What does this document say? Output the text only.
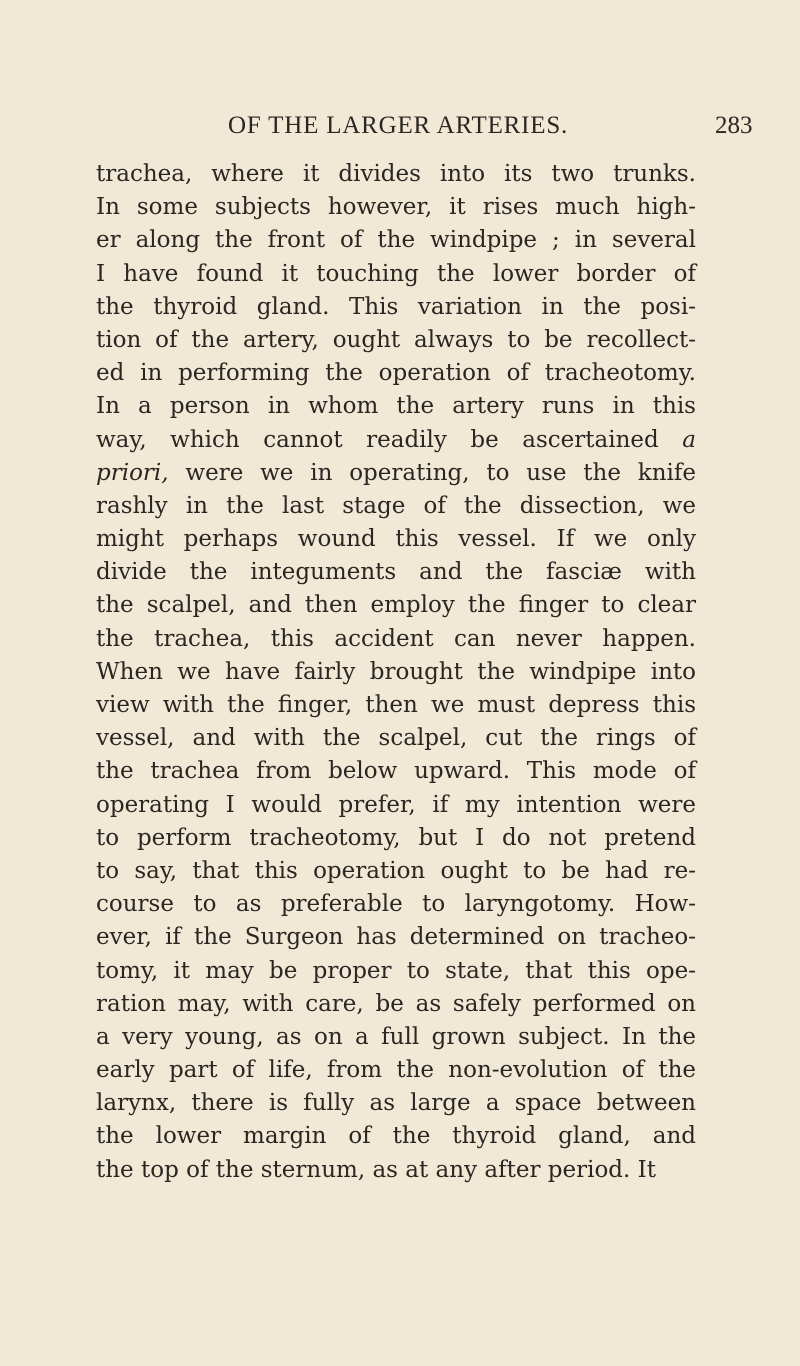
OF THE LARGER ARTERIES.	283
trachea, where it divides into its two trunks.
In some subjects however, it rises much high-
er along the front of the windpipe ; in several
I have found it touching the lower border of
the thyroid gland. This variation in the posi-
tion of the artery, ought always to be recollect-
ed in performing the operation of tracheotomy.
In a person in whom the artery runs in this
way, which cannot readily be ascertained a
priori, were we in operating, to use the knife
rashly in the last stage of the dissection, we
might perhaps wound this vessel. If we only
divide the integuments and the fasciæ with
the scalpel, and then employ the finger to clear
the trachea, this accident can never happen.
When we have fairly brought the windpipe into
view with the finger, then we must depress this
vessel, and with the scalpel, cut the rings of
the trachea from below upward. This mode of
operating I would prefer, if my intention were
to perform tracheotomy, but I do not pretend
to say, that this operation ought to be had re-
course to as preferable to laryngotomy. How-
ever, if the Surgeon has determined on tracheo-
tomy, it may be proper to state, that this ope-
ration may, with care, be as safely performed on
a very young, as on a full grown subject. In the
early part of life, from the non-evolution of the
larynx, there is fully as large a space between
the lower margin of the thyroid gland, and
the top of the sternum, as at any after period. It
